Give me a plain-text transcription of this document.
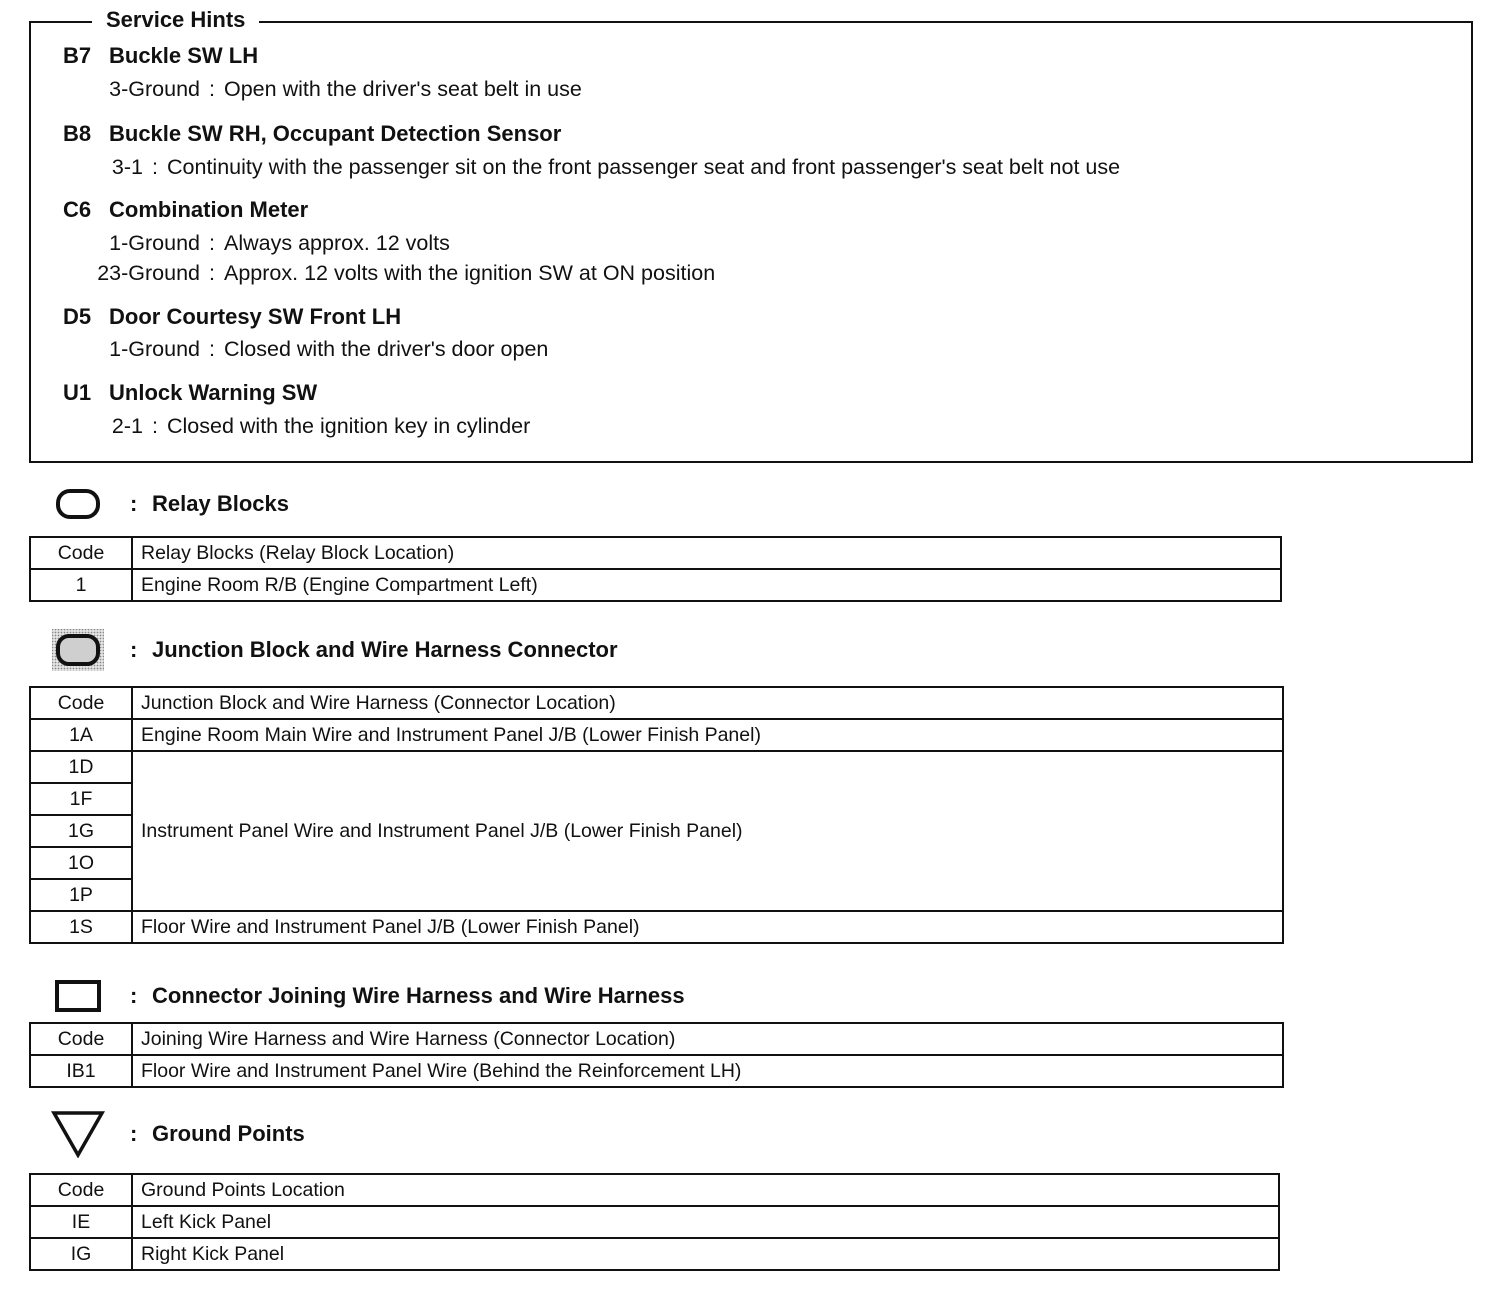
Service Hints
B7 Buckle SW LH
3-Ground : Open with the driver's seat belt in use
B8 Buckle SW RH, Occupant Detection Sensor
3-1 : Continuity with the passenger sit on the front passenger seat and front passenger's seat belt not use
C6 Combination Meter
1-Ground : Always approx. 12 volts
23-Ground : Approx. 12 volts with the ignition SW at ON position
D5 Door Courtesy SW Front LH
1-Ground : Closed with the driver's door open
U1 Unlock Warning SW
2-1 : Closed with the ignition key in cylinder
: Relay Blocks
Code	Relay Blocks (Relay Block Location)
1	Engine Room R/B (Engine Compartment Left)
: Junction Block and Wire Harness Connector
Code	Junction Block and Wire Harness (Connector Location)
1A	Engine Room Main Wire and Instrument Panel J/B (Lower Finish Panel)
1D	Instrument Panel Wire and Instrument Panel J/B (Lower Finish Panel)
1F	
1G	
1O	
1P	
1S	Floor Wire and Instrument Panel J/B (Lower Finish Panel)
: Connector Joining Wire Harness and Wire Harness
Code	Joining Wire Harness and Wire Harness (Connector Location)
IB1	Floor Wire and Instrument Panel Wire (Behind the Reinforcement LH)
: Ground Points
Code	Ground Points Location
IE	Left Kick Panel
IG	Right Kick Panel
